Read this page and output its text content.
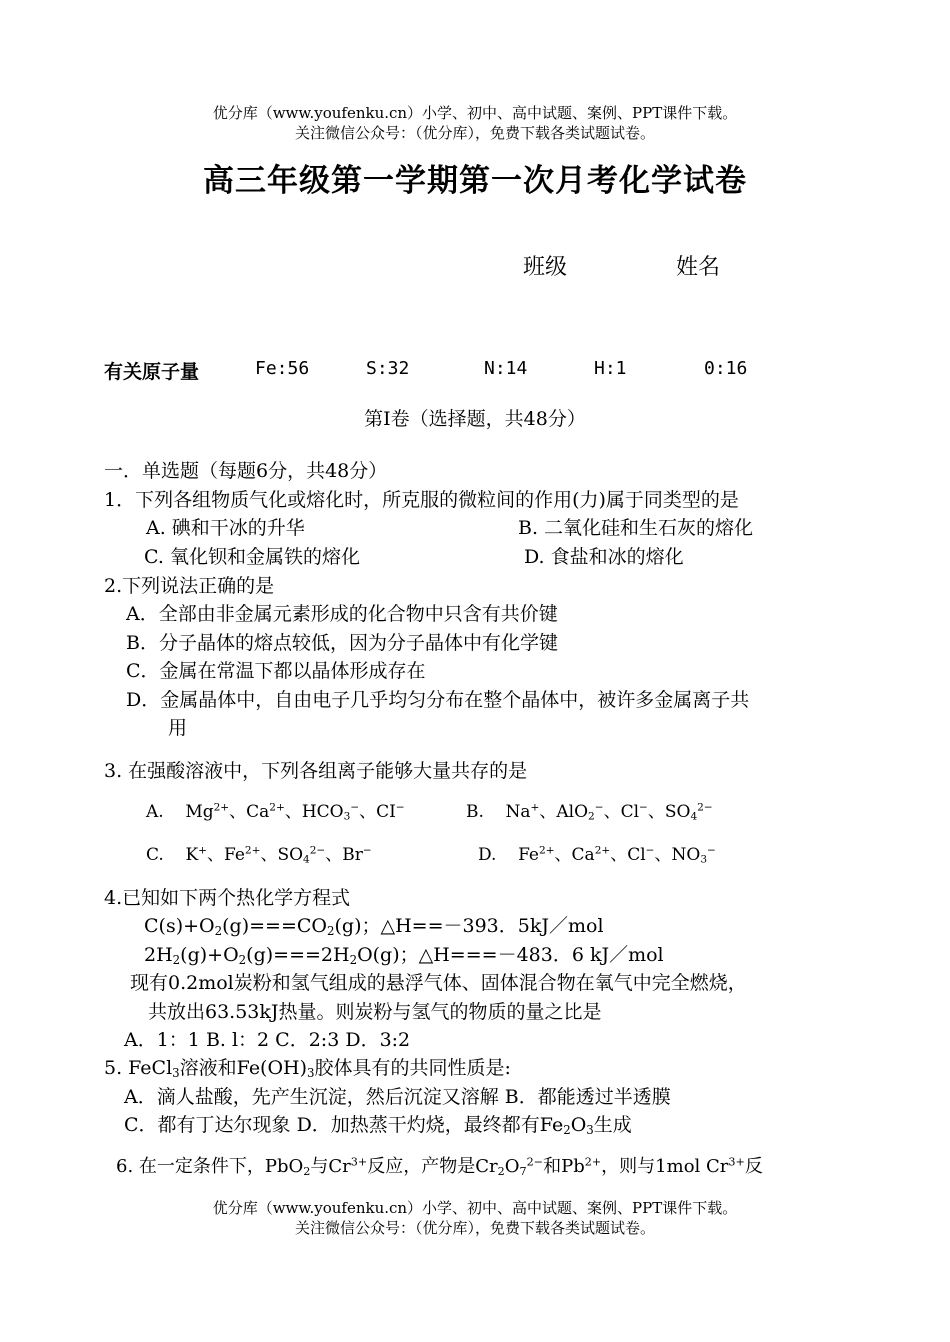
优分库（www.youfenku.cn）小学、初中、高中试题、案例、PPT课件下载。
关注微信公众号：（优分库），免费下载各类试题试卷。
高三年级第一学期第一次月考化学试卷
班级	姓名
有关原子量	Fe:56	S:32	N:14	H:1	0:16
第I卷（选择题，共48分）
一．单选题（每题6分，共48分）
1．下列各组物质气化或熔化时，所克服的微粒间的作用(力)属于同类型的是
A. 碘和干冰的升华	B. 二氧化硅和生石灰的熔化
C. 氧化钡和金属铁的熔化	D. 食盐和冰的熔化
2.下列说法正确的是
A．全部由非金属元素形成的化合物中只含有共价键
B．分子晶体的熔点较低，因为分子晶体中有化学键
C．金属在常温下都以晶体形成存在
D．金属晶体中，自由电子几乎均匀分布在整个晶体中，被许多金属离子共
用
3. 在强酸溶液中，下列各组离子能够大量共存的是
A. $Mg^{2+}$、$Ca^{2+}$、$HCO_3^-$、CI−	B. Na+、AlO$_2$−、Cl−、$SO_4^{2-}$
C. K+、$Fe^{2+}$、$SO_4^{2-}$、Br−	D. $Fe^{2+}$、$Ca^{2+}$、Cl−、$NO_3^-$
4.已知如下两个热化学方程式
$C(s)+O_2(g)===CO_2(g)$；△H==－393．5kJ／mol
$2H_2(g)+O_2(g)===2H_2O(g)$；△H===－483．6 kJ／mol
现有0.2mol炭粉和氢气组成的悬浮气体、固体混合物在氧气中完全燃烧，
共放出63.53kJ热量。则炭粉与氢气的物质的量之比是
A．1：1 B. l：2 C．2:3 D．3:2
5. FeCl$_3$溶液和$Fe(OH)_3$胶体具有的共同性质是:
A．滴人盐酸，先产生沉淀，然后沉淀又溶解 B．都能透过半透膜
C．都有丁达尔现象 D．加热蒸干灼烧，最终都有$Fe_2O_3$生成
6. 在一定条件下，PbO$_2$与$Cr^{3+}$反应，产物是$Cr_2O_7^{2-}$和$Pb^{2+}$，则与1mol $Cr^{3+}$反
优分库（www.youfenku.cn）小学、初中、高中试题、案例、PPT课件下载。
关注微信公众号：（优分库），免费下载各类试题试卷。
